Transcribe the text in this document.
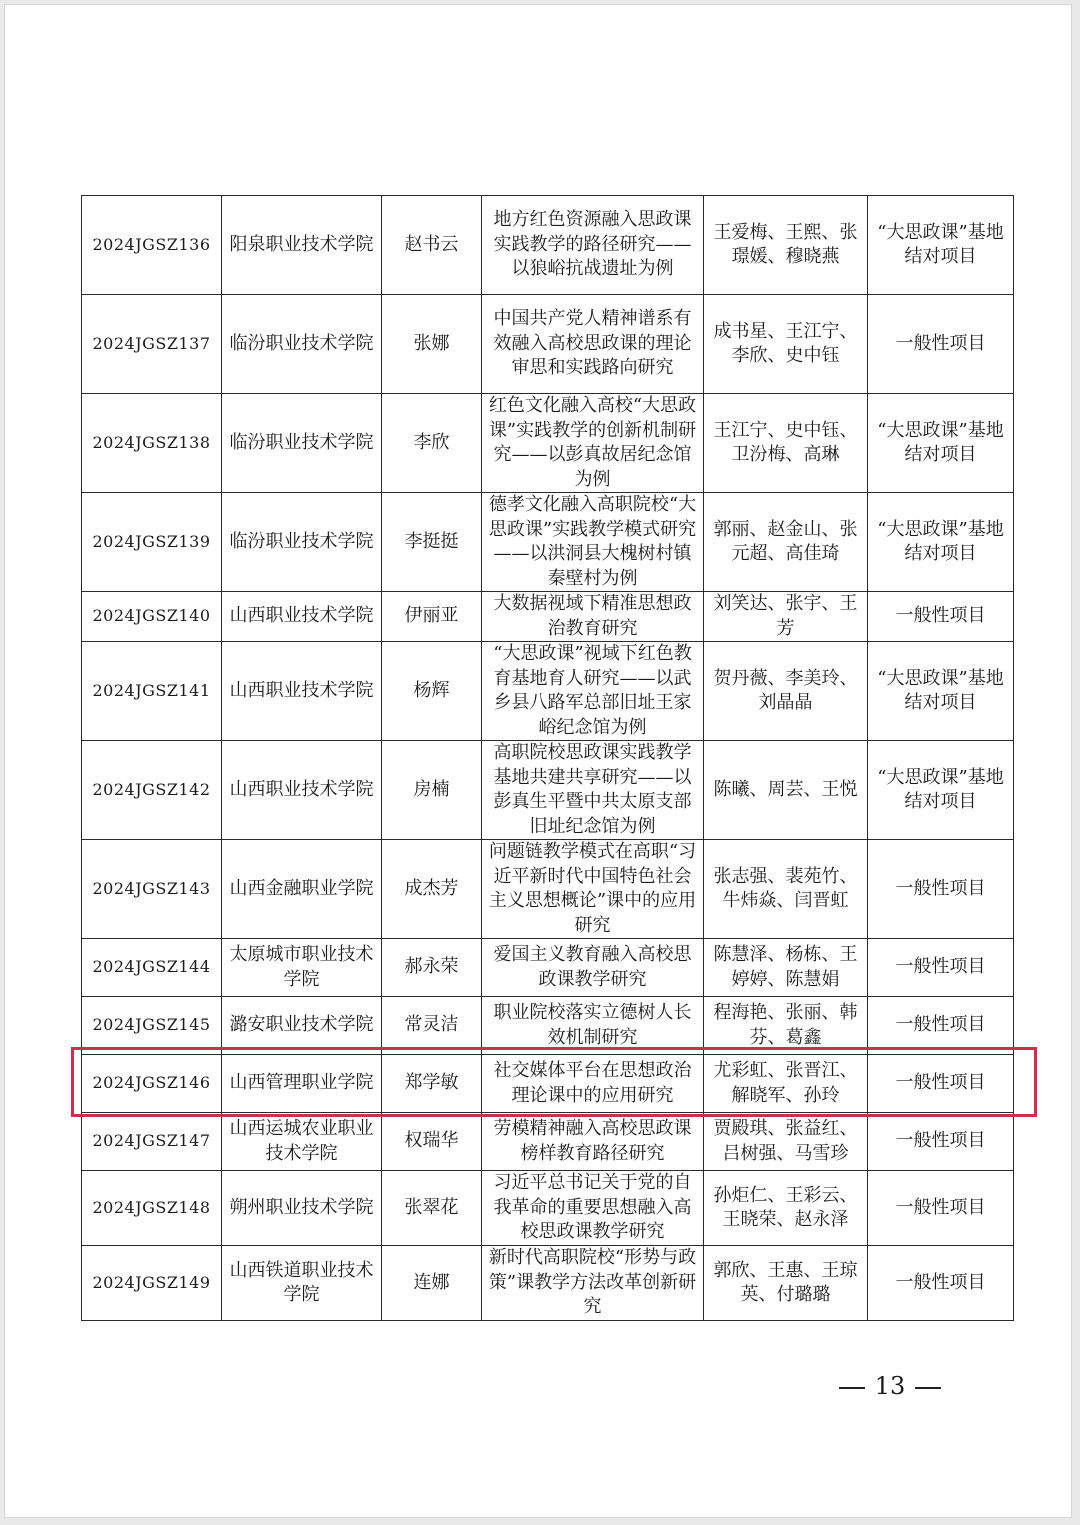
2024JGSZ136	阳泉职业技术学院	赵书云	地方红色资源融入思政课实践教学的路径研究——以狼峪抗战遗址为例	王爱梅、王熙、张璟媛、穆晓燕	“大思政课”基地结对项目

2024JGSZ137	临汾职业技术学院	张娜	中国共产党人精神谱系有效融入高校思政课的理论审思和实践路向研究	成书星、王江宁、李欣、史中钰	一般性项目

2024JGSZ138	临汾职业技术学院	李欣	红色文化融入高校“大思政课”实践教学的创新机制研究——以彭真故居纪念馆为例	王江宁、史中钰、卫汾梅、高琳	“大思政课”基地结对项目

2024JGSZ139	临汾职业技术学院	李挺挺	德孝文化融入高职院校“大思政课”实践教学模式研究——以洪洞县大槐树村镇秦壁村为例	郭丽、赵金山、张元超、高佳琦	“大思政课”基地结对项目

2024JGSZ140	山西职业技术学院	伊丽亚	大数据视域下精准思想政治教育研究	刘笑达、张宇、王芳	一般性项目

2024JGSZ141	山西职业技术学院	杨辉	“大思政课”视域下红色教育基地育人研究——以武乡县八路军总部旧址王家峪纪念馆为例	贺丹薇、李美玲、刘晶晶	“大思政课”基地结对项目

2024JGSZ142	山西职业技术学院	房楠	高职院校思政课实践教学基地共建共享研究——以彭真生平暨中共太原支部旧址纪念馆为例	陈曦、周芸、王悦	“大思政课”基地结对项目

2024JGSZ143	山西金融职业学院	成杰芳	问题链教学模式在高职“习近平新时代中国特色社会主义思想概论”课中的应用研究	张志强、裴苑竹、牛炜焱、闫晋虹	一般性项目

2024JGSZ144	太原城市职业技术学院	郝永荣	爱国主义教育融入高校思政课教学研究	陈慧泽、杨栋、王婷婷、陈慧娟	一般性项目

2024JGSZ145	潞安职业技术学院	常灵洁	职业院校落实立德树人长效机制研究	程海艳、张丽、韩芬、葛鑫	一般性项目

2024JGSZ146	山西管理职业学院	郑学敏	社交媒体平台在思想政治理论课中的应用研究	尤彩虹、张晋江、解晓军、孙玲	一般性项目

2024JGSZ147	山西运城农业职业技术学院	权瑞华	劳模精神融入高校思政课榜样教育路径研究	贾殿琪、张益红、吕树强、马雪珍	一般性项目

2024JGSZ148	朔州职业技术学院	张翠花	习近平总书记关于党的自我革命的重要思想融入高校思政课教学研究	孙炬仁、王彩云、王晓荣、赵永泽	一般性项目

2024JGSZ149	山西铁道职业技术学院	连娜	新时代高职院校“形势与政策”课教学方法改革创新研究	郭欣、王惠、王琼英、付璐璐	一般性项目
13
